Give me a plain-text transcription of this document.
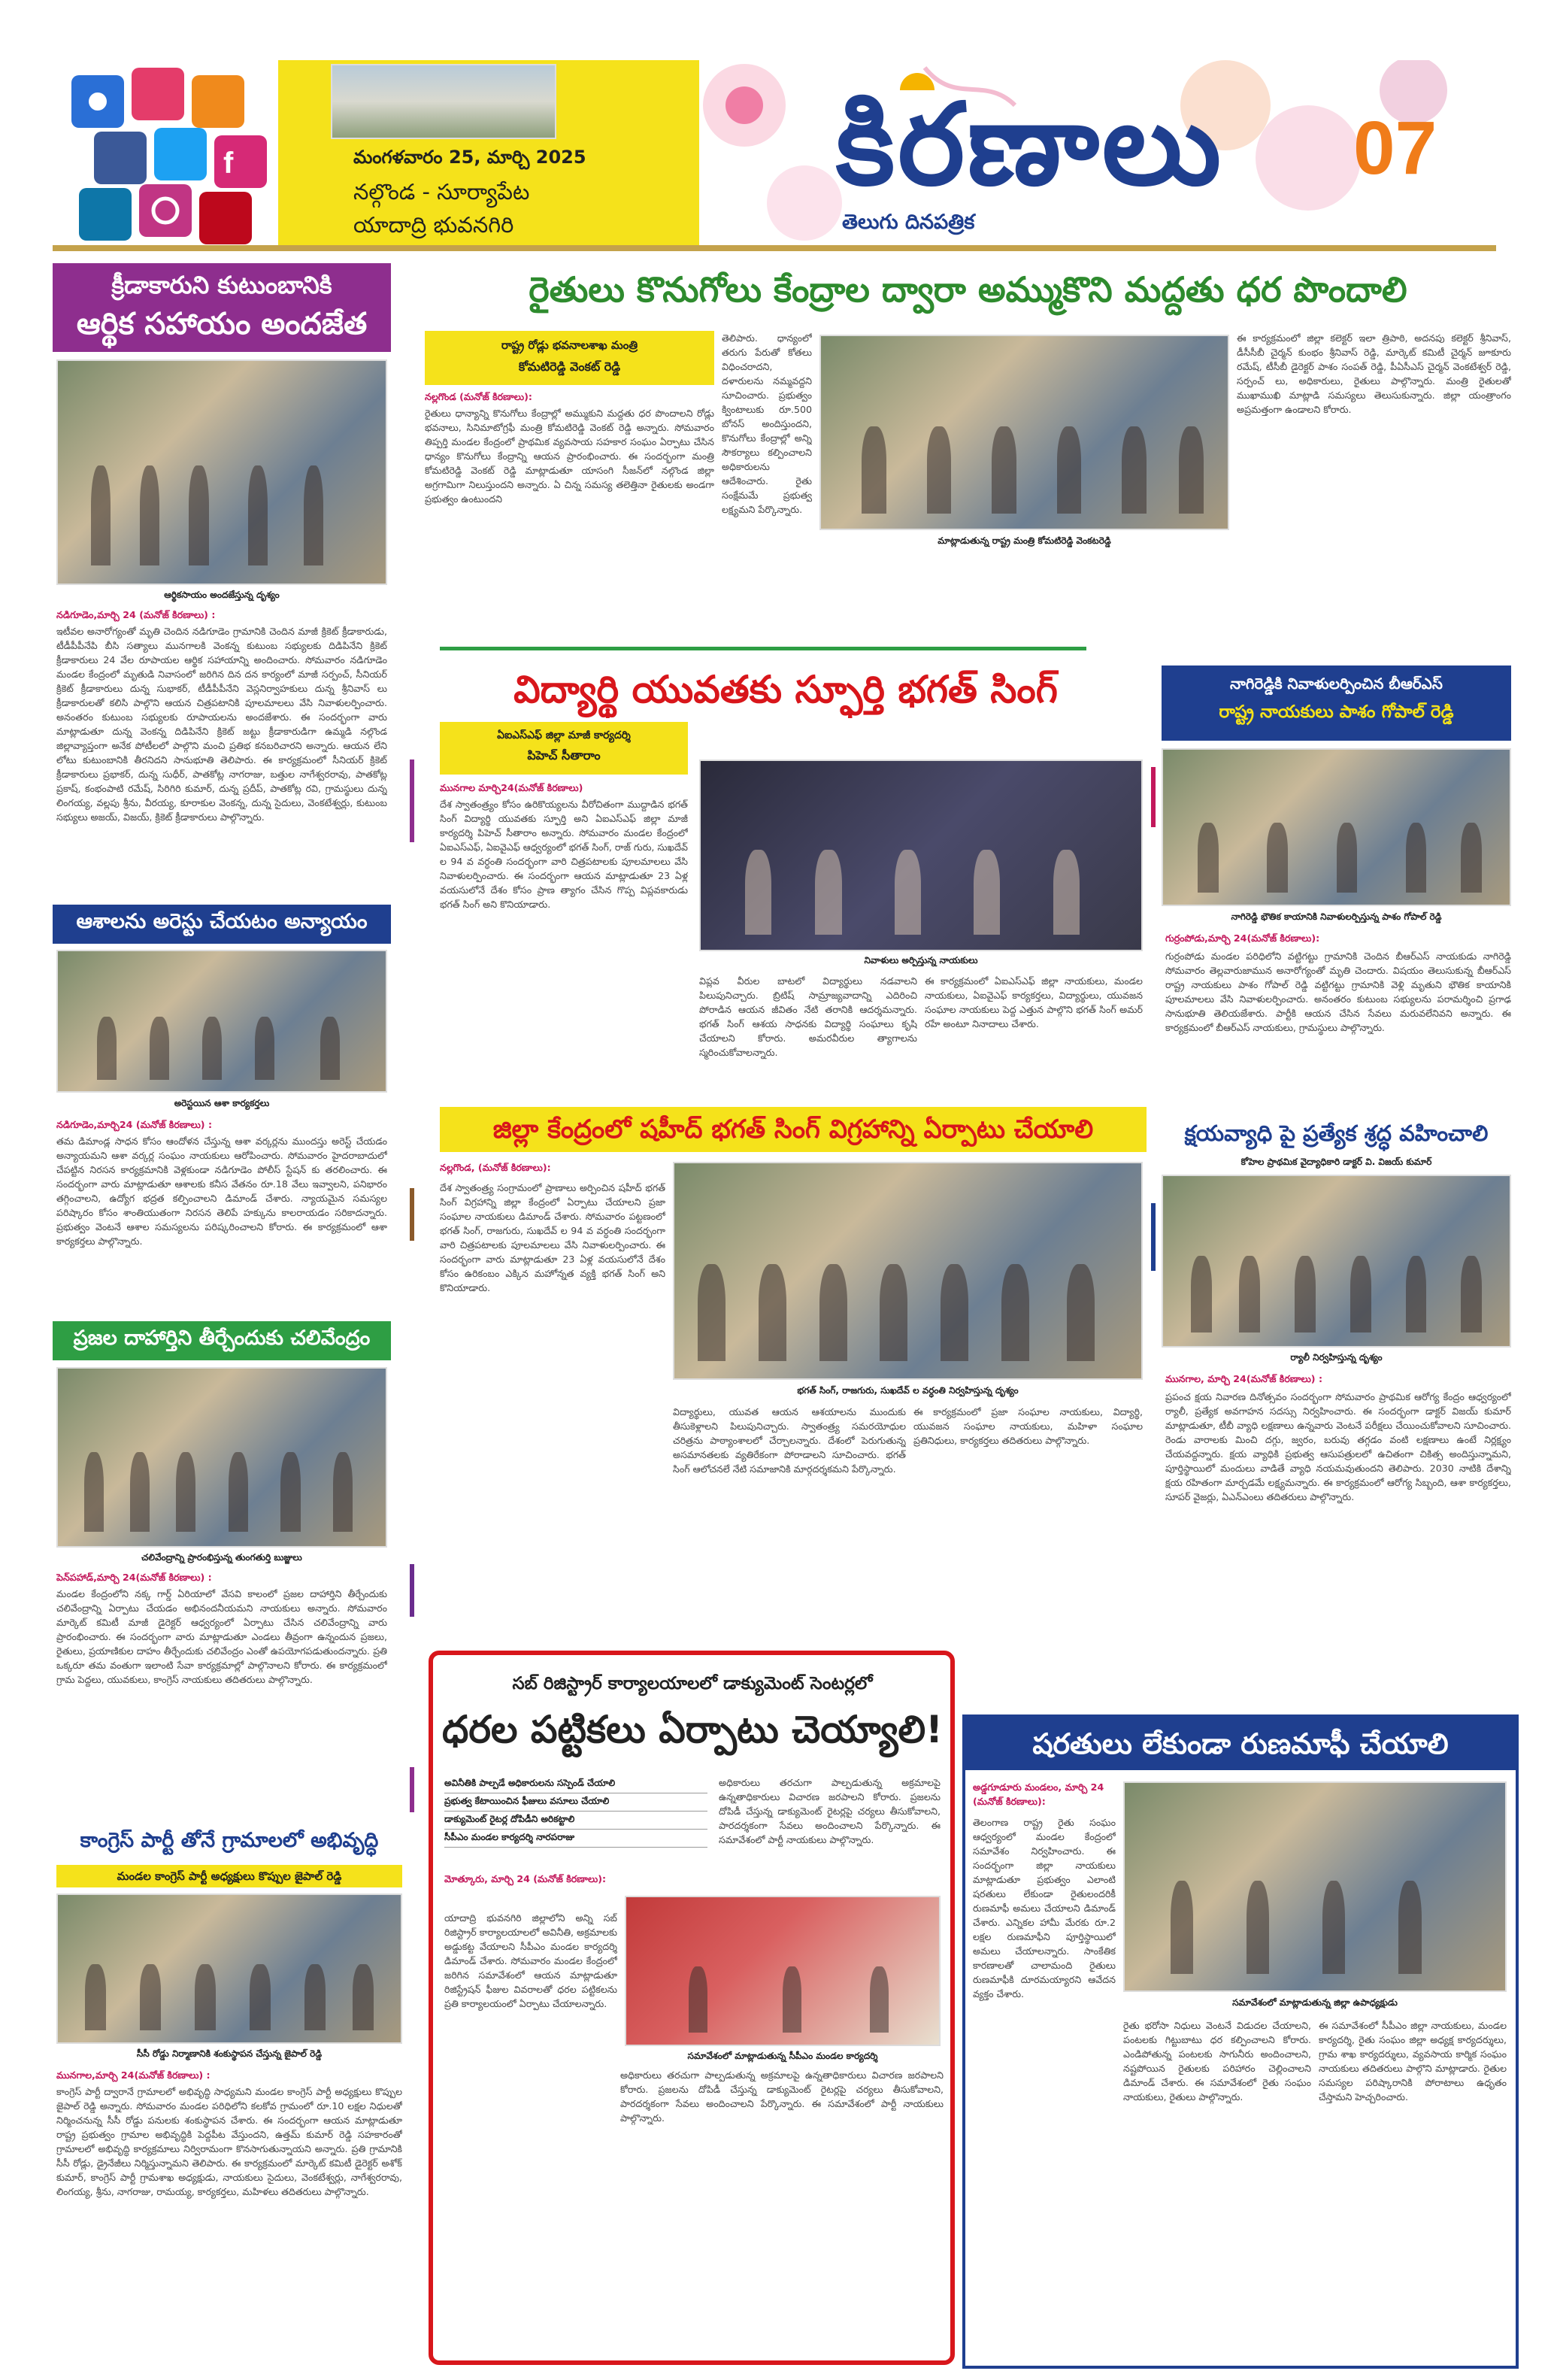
f	మంగళవారం 25, మార్చి 2025
నల్గొండ - సూర్యాపేట
యాదాద్రి భువనగిరి
కిరణాలు
తెలుగు దినపత్రిక
07
క్రీడాకారుని కుటుంబానికి
ఆర్థిక సహాయం అందజేత
ఆర్థికసాయం అందజేస్తున్న దృశ్యం
నడిగూడెం,మార్చి 24 (మనోజ్ కిరణాలు) :
ఇటీవల అనారోగ్యంతో మృతి చెందిన నడిగూడెం గ్రామానికి చెందిన మాజీ క్రికెట్ క్రీడాకారుడు, టీడీపీపీనేపి బీసి సత్యాలు మునగాలకి వెంకన్న కుటుంబ సభ్యులకు దిడిపినేని క్రికెట్ క్రీడాకారులు 24 వేల రూపాయల ఆర్థిక సహాయాన్ని అందించారు. సోమవారం నడిగూడెం మండల కేంద్రంలో మృతుడి నివాసంలో జరిగిన దిన దన కార్యంలో మాజీ సర్పంచ్, సీనియర్ క్రికెట్ క్రీడాకారులు దున్న సుభాకర్, టీడీపీపీనేని వెస్లనిర్వాహకులు దున్న శ్రీనివాస్ లు క్రీడాకారులతో కలిసి పాల్గొని ఆయన చిత్రపటానికి పూలమాలలు వేసి నివాళులర్పించారు. అనంతరం కుటుంబ సభ్యులకు రూపాయలను అందజేశారు. ఈ సందర్భంగా వారు మాట్లాడుతూ దున్న వెంకన్న దిడిపినేని క్రికెట్ జట్టు క్రీడాకారుడిగా ఉమ్మడి నల్గొండ జిల్లావ్యాప్తంగా అనేక పోటీలలో పాల్గొని మంచి ప్రతిభ కనబరిచారని అన్నారు. ఆయన లేని లోటు కుటుంబానికి తీరనిదని సానుభూతి తెలిపారు. ఈ కార్యక్రమంలో సీనియర్ క్రికెట్ క్రీడాకారులు ప్రభాకర్, దున్న సుధీర్, పాతకోట్ల నాగరాజు, బత్తుల నాగేశ్వరరావు, పాతకోట్ల ప్రకాష్, కంభంపాటి రమేష్, సిరిగిరి కుమార్, దున్న ప్రదీప్, పాతకోట్ల రవి, గ్రామస్థులు దున్న లింగయ్య, వల్లపు శ్రీను, వీరయ్య, కూరాకుల వెంకన్న, దున్న సైదులు, వెంకటేశ్వర్లు, కుటుంబ సభ్యులు అజయ్, విజయ్, క్రికెట్ క్రీడాకారులు పాల్గొన్నారు.
ఆశాలను అరెస్టు చేయటం అన్యాయం
అరెస్టయిన ఆశా కార్యకర్తలు
నడిగూడెం,మార్చి24 (మనోజ్ కిరణాలు) :
తమ డిమాండ్ల సాధన కోసం ఆందోళన చేస్తున్న ఆశా వర్కర్లను ముందస్తు అరెస్ట్ చేయడం అన్యాయమని ఆశా వర్కర్ల సంఘం నాయకులు ఆరోపించారు. సోమవారం హైదరాబాదులో చేపట్టిన నిరసన కార్యక్రమానికి వెళ్లకుండా నడిగూడెం పోలీస్ స్టేషన్ కు తరలించారు. ఈ సందర్భంగా వారు మాట్లాడుతూ ఆశాలకు కనీస వేతనం రూ.18 వేలు ఇవ్వాలని, పనిభారం తగ్గించాలని, ఉద్యోగ భద్రత కల్పించాలని డిమాండ్ చేశారు. న్యాయమైన సమస్యల పరిష్కారం కోసం శాంతియుతంగా నిరసన తెలిపే హక్కును కాలరాయడం సరికాదన్నారు. ప్రభుత్వం వెంటనే ఆశాల సమస్యలను పరిష్కరించాలని కోరారు. ఈ కార్యక్రమంలో ఆశా కార్యకర్తలు పాల్గొన్నారు.
ప్రజల దాహార్తిని తీర్చేందుకు చలివేంద్రం
చలివేంద్రాన్ని ప్రారంభిస్తున్న తుంగతుర్తి బుజ్జులు
పెన్‌పహాడ్,మార్చి 24(మనోజ్ కిరణాలు) :
మండల కేంద్రంలోని నక్క గార్డ్ ఏరియాలో వేసవి కాలంలో ప్రజల దాహార్తిని తీర్చేందుకు చలివేంద్రాన్ని ఏర్పాటు చేయడం అభినందనీయమని నాయకులు అన్నారు. సోమవారం మార్కెట్ కమిటీ మాజీ డైరెక్టర్ ఆధ్వర్యంలో ఏర్పాటు చేసిన చలివేంద్రాన్ని వారు ప్రారంభించారు. ఈ సందర్భంగా వారు మాట్లాడుతూ ఎండలు తీవ్రంగా ఉన్నందున ప్రజలు, రైతులు, ప్రయాణికుల దాహం తీర్చేందుకు చలివేంద్రం ఎంతో ఉపయోగపడుతుందన్నారు. ప్రతి ఒక్కరూ తమ వంతుగా ఇలాంటి సేవా కార్యక్రమాల్లో పాల్గొనాలని కోరారు. ఈ కార్యక్రమంలో గ్రామ పెద్దలు, యువకులు, కాంగ్రెస్ నాయకులు తదితరులు పాల్గొన్నారు.
కాంగ్రెస్ పార్టీ తోనే గ్రామాలలో అభివృద్ధి
మండల కాంగ్రెస్ పార్టీ అధ్యక్షులు కొప్పుల జైపాల్ రెడ్డి
సీసీ రోడ్డు నిర్మాణానికి శంకుస్థాపన చేస్తున్న జైపాల్ రెడ్డి
మునగాల,మార్చి 24(మనోజ్ కిరణాలు) :
కాంగ్రెస్ పార్టీ ద్వారానే గ్రామాలలో అభివృద్ధి సాధ్యమని మండల కాంగ్రెస్ పార్టీ అధ్యక్షులు కొప్పుల జైపాల్ రెడ్డి అన్నారు. సోమవారం మండల పరిధిలోని కలకోవ గ్రామంలో రూ.10 లక్షల నిధులతో నిర్మించనున్న సీసీ రోడ్డు పనులకు శంకుస్థాపన చేశారు. ఈ సందర్భంగా ఆయన మాట్లాడుతూ రాష్ట్ర ప్రభుత్వం గ్రామాల అభివృద్ధికి పెద్దపీట వేస్తుందని, ఉత్తమ్ కుమార్ రెడ్డి సహకారంతో గ్రామాలలో అభివృద్ధి కార్యక్రమాలు నిర్విరామంగా కొనసాగుతున్నాయని అన్నారు. ప్రతి గ్రామానికి సీసీ రోడ్లు, డ్రైనేజీలు నిర్మిస్తున్నామని తెలిపారు. ఈ కార్యక్రమంలో మార్కెట్ కమిటీ డైరెక్టర్ అశోక్ కుమార్, కాంగ్రెస్ పార్టీ గ్రామశాఖ అధ్యక్షుడు, నాయకులు సైదులు, వెంకటేశ్వర్లు, నాగేశ్వరరావు, లింగయ్య, శ్రీను, నాగరాజు, రామయ్య, కార్యకర్తలు, మహిళలు తదితరులు పాల్గొన్నారు.
రైతులు కొనుగోలు కేంద్రాల ద్వారా అమ్ముకొని మద్దతు ధర పొందాలి
రాష్ట్ర రోడ్లు భవనాలశాఖ మంత్రి
కోమటిరెడ్డి వెంకట్ రెడ్డి
నల్లగొండ (మనోజ్ కిరణాలు):
రైతులు ధాన్యాన్ని కొనుగోలు కేంద్రాల్లో అమ్ముకుని మద్దతు ధర పొందాలని రోడ్లు భవనాలు, సినిమాటోగ్రఫీ మంత్రి కోమటిరెడ్డి వెంకట్ రెడ్డి అన్నారు. సోమవారం తిప్పర్తి మండల కేంద్రంలో ప్రాథమిక వ్యవసాయ సహకార సంఘం ఏర్పాటు చేసిన ధాన్యం కొనుగోలు కేంద్రాన్ని ఆయన ప్రారంభించారు. ఈ సందర్భంగా మంత్రి కోమటిరెడ్డి వెంకట్ రెడ్డి మాట్లాడుతూ యాసంగి సీజన్‌లో నల్గొండ జిల్లా అగ్రగామిగా నిలుస్తుందని అన్నారు. ఏ చిన్న సమస్య తలెత్తినా రైతులకు అండగా ప్రభుత్వం ఉంటుందని
తెలిపారు. ధాన్యంలో తరుగు పేరుతో కోతలు విధించరాదని, దళారులను నమ్మవద్దని సూచించారు. ప్రభుత్వం క్వింటాలుకు రూ.500 బోనస్ అందిస్తుందని, కొనుగోలు కేంద్రాల్లో అన్ని సౌకర్యాలు కల్పించాలని అధికారులను ఆదేశించారు. రైతు సంక్షేమమే ప్రభుత్వ లక్ష్యమని పేర్కొన్నారు.
మాట్లాడుతున్న రాష్ట్ర మంత్రి కోమటిరెడ్డి వెంకటరెడ్డి
ఈ కార్యక్రమంలో జిల్లా కలెక్టర్ ఇలా త్రిపాఠి, అదనపు కలెక్టర్ శ్రీనివాస్, డీసీసీబీ చైర్మన్ కుంభం శ్రీనివాస్ రెడ్డి, మార్కెట్ కమిటీ చైర్మన్ జూకూరు రమేష్, టీసీబీ డైరెక్టర్ పాశం సంపత్ రెడ్డి, పీఏసీఎస్ చైర్మన్ వెంకటేశ్వర్ రెడ్డి, సర్పంచ్ లు, అధికారులు, రైతులు పాల్గొన్నారు. మంత్రి రైతులతో ముఖాముఖి మాట్లాడి సమస్యలు తెలుసుకున్నారు. జిల్లా యంత్రాంగం అప్రమత్తంగా ఉండాలని కోరారు.
విద్యార్థి యువతకు స్ఫూర్తి భగత్ సింగ్
ఏఐఎస్ఎఫ్ జిల్లా మాజీ కార్యదర్శి
పిహెచ్ సీతారాం
మునగాల మార్చి24(మనోజ్ కిరణాలు)
దేశ స్వాతంత్ర్యం కోసం ఉరికొయ్యలను వీరోచితంగా ముద్దాడిన భగత్ సింగ్ విద్యార్థి యువతకు స్ఫూర్తి అని ఏఐఎస్ఎఫ్ జిల్లా మాజీ కార్యదర్శి పిహెచ్ సీతారాం అన్నారు. సోమవారం మండల కేంద్రంలో ఏఐఎస్ఎఫ్, ఏఐవైఎఫ్ ఆధ్వర్యంలో భగత్ సింగ్, రాజ్ గురు, సుఖదేవ్ ల 94 వ వర్ధంతి సందర్భంగా వారి చిత్రపటాలకు పూలమాలలు వేసి నివాళులర్పించారు. ఈ సందర్భంగా ఆయన మాట్లాడుతూ 23 ఏళ్ల వయసులోనే దేశం కోసం ప్రాణ త్యాగం చేసిన గొప్ప విప్లవకారుడు భగత్ సింగ్ అని కొనియాడారు.
నివాళులు అర్పిస్తున్న నాయకులు
విప్లవ వీరుల బాటలో విద్యార్థులు నడవాలని పిలుపునిచ్చారు. బ్రిటిష్ సామ్రాజ్యవాదాన్ని ఎదిరించి పోరాడిన ఆయన జీవితం నేటి తరానికి ఆదర్శమన్నారు. భగత్ సింగ్ ఆశయ సాధనకు విద్యార్థి సంఘాలు కృషి చేయాలని కోరారు. అమరవీరుల త్యాగాలను స్మరించుకోవాలన్నారు.
ఈ కార్యక్రమంలో ఏఐఎస్ఎఫ్ జిల్లా నాయకులు, మండల నాయకులు, ఏఐవైఎఫ్ కార్యకర్తలు, విద్యార్థులు, యువజన సంఘాల నాయకులు పెద్ద ఎత్తున పాల్గొని భగత్ సింగ్ అమర్ రహే అంటూ నినాదాలు చేశారు.
జిల్లా కేంద్రంలో షహీద్ భగత్ సింగ్ విగ్రహాన్ని ఏర్పాటు చేయాలి
నల్లగొండ, (మనోజ్ కిరణాలు):
దేశ స్వాతంత్ర్య సంగ్రామంలో ప్రాణాలు అర్పించిన షహీద్ భగత్ సింగ్ విగ్రహాన్ని జిల్లా కేంద్రంలో ఏర్పాటు చేయాలని ప్రజా సంఘాల నాయకులు డిమాండ్ చేశారు. సోమవారం పట్టణంలో భగత్ సింగ్, రాజగురు, సుఖదేవ్ ల 94 వ వర్ధంతి సందర్భంగా వారి చిత్రపటాలకు పూలమాలలు వేసి నివాళులర్పించారు. ఈ సందర్భంగా వారు మాట్లాడుతూ 23 ఏళ్ల వయసులోనే దేశం కోసం ఉరికంబం ఎక్కిన మహోన్నత వ్యక్తి భగత్ సింగ్ అని కొనియాడారు.
భగత్ సింగ్, రాజగురు, సుఖదేవ్ ల వర్ధంతి నిర్వహిస్తున్న దృశ్యం
విద్యార్థులు, యువత ఆయన ఆశయాలను ముందుకు తీసుకెళ్లాలని పిలుపునిచ్చారు. స్వాతంత్ర్య సమరయోధుల చరిత్రను పాఠ్యాంశాలలో చేర్చాలన్నారు. దేశంలో పెరుగుతున్న అసమానతలకు వ్యతిరేకంగా పోరాడాలని సూచించారు. భగత్ సింగ్ ఆలోచనలే నేటి సమాజానికి మార్గదర్శకమని పేర్కొన్నారు.
ఈ కార్యక్రమంలో ప్రజా సంఘాల నాయకులు, విద్యార్థి, యువజన సంఘాల నాయకులు, మహిళా సంఘాల ప్రతినిధులు, కార్యకర్తలు తదితరులు పాల్గొన్నారు.
సబ్ రిజిస్ట్రార్ కార్యాలయాలలో డాక్యుమెంట్ సెంటర్లలో
ధరల పట్టికలు ఏర్పాటు చెయ్యాలి!
అవినీతికి పాల్పడే అధికారులను సస్పెండ్ చేయాలి
ప్రభుత్వ కేటాయించిన ఫీజులు వసూలు చేయాలి
డాక్యుమెంట్ రైటర్ల దోపిడీని అరికట్టాలి
సీపీఎం మండల కార్యదర్శి నారపరాజు
మోత్కూరు, మార్చి 24 (మనోజ్ కిరణాలు):
యాదాద్రి భువనగిరి జిల్లాలోని అన్ని సబ్ రిజిస్ట్రార్ కార్యాలయాలలో అవినీతి, అక్రమాలకు అడ్డుకట్ట వేయాలని సీపీఎం మండల కార్యదర్శి డిమాండ్ చేశారు. సోమవారం మండల కేంద్రంలో జరిగిన సమావేశంలో ఆయన మాట్లాడుతూ రిజిస్ట్రేషన్ ఫీజుల వివరాలతో ధరల పట్టికలను ప్రతి కార్యాలయంలో ఏర్పాటు చేయాలన్నారు.
సమావేశంలో మాట్లాడుతున్న సీపీఎం మండల కార్యదర్శి
అధికారులు తరచుగా పాల్పడుతున్న అక్రమాలపై ఉన్నతాధికారులు విచారణ జరపాలని కోరారు. ప్రజలను దోపిడీ చేస్తున్న డాక్యుమెంట్ రైటర్లపై చర్యలు తీసుకోవాలని, పారదర్శకంగా సేవలు అందించాలని పేర్కొన్నారు. ఈ సమావేశంలో పార్టీ నాయకులు పాల్గొన్నారు.
అధికారులు తరచుగా పాల్పడుతున్న అక్రమాలపై ఉన్నతాధికారులు విచారణ జరపాలని కోరారు. ప్రజలను దోపిడీ చేస్తున్న డాక్యుమెంట్ రైటర్లపై చర్యలు తీసుకోవాలని, పారదర్శకంగా సేవలు అందించాలని పేర్కొన్నారు. ఈ సమావేశంలో పార్టీ నాయకులు పాల్గొన్నారు.
నాగిరెడ్డికి నివాళులర్పించిన బీఆర్ఎస్
రాష్ట్ర నాయకులు పాశం గోపాల్ రెడ్డి
నాగిరెడ్డి భౌతిక కాయానికి నివాళులర్పిస్తున్న పాశం గోపాల్ రెడ్డి
గుర్రంపోడు,మార్చి 24(మనోజ్ కిరణాలు):
గుర్రంపోడు మండల పరిధిలోని వట్టిగట్టు గ్రామానికి చెందిన బీఆర్ఎస్ నాయకుడు నాగిరెడ్డి సోమవారం తెల్లవారుజామున అనారోగ్యంతో మృతి చెందారు. విషయం తెలుసుకున్న బీఆర్ఎస్ రాష్ట్ర నాయకులు పాశం గోపాల్ రెడ్డి వట్టిగట్టు గ్రామానికి వెళ్లి మృతుని భౌతిక కాయానికి పూలమాలలు వేసి నివాళులర్పించారు. అనంతరం కుటుంబ సభ్యులను పరామర్శించి ప్రగాఢ సానుభూతి తెలియజేశారు. పార్టీకి ఆయన చేసిన సేవలు మరువలేనివని అన్నారు. ఈ కార్యక్రమంలో బీఆర్ఎస్ నాయకులు, గ్రామస్థులు పాల్గొన్నారు.
క్షయవ్యాధి పై ప్రత్యేక శ్రద్ధ వహించాలి
కోహెల ప్రాథమిక వైద్యాధికారి డాక్టర్ వి. విజయ్ కుమార్
ర్యాలీ నిర్వహిస్తున్న దృశ్యం
మునగాల, మార్చి 24(మనోజ్ కిరణాలు) :
ప్రపంచ క్షయ నివారణ దినోత్సవం సందర్భంగా సోమవారం ప్రాథమిక ఆరోగ్య కేంద్రం ఆధ్వర్యంలో ర్యాలీ, ప్రత్యేక అవగాహన సదస్సు నిర్వహించారు. ఈ సందర్భంగా డాక్టర్ విజయ్ కుమార్ మాట్లాడుతూ, టీబీ వ్యాధి లక్షణాలు ఉన్నవారు వెంటనే పరీక్షలు చేయించుకోవాలని సూచించారు. రెండు వారాలకు మించి దగ్గు, జ్వరం, బరువు తగ్గడం వంటి లక్షణాలు ఉంటే నిర్లక్ష్యం చేయవద్దన్నారు. క్షయ వ్యాధికి ప్రభుత్వ ఆసుపత్రులలో ఉచితంగా చికిత్స అందిస్తున్నామని, పూర్తిస్థాయిలో మందులు వాడితే వ్యాధి నయమవుతుందని తెలిపారు. 2030 నాటికి దేశాన్ని క్షయ రహితంగా మార్చడమే లక్ష్యమన్నారు. ఈ కార్యక్రమంలో ఆరోగ్య సిబ్బంది, ఆశా కార్యకర్తలు, సూపర్ వైజర్లు, ఏఎన్ఎంలు తదితరులు పాల్గొన్నారు.
షరతులు లేకుండా రుణమాఫీ చేయాలి
అడ్డగూడూరు మండలం, మార్చి 24 (మనోజ్ కిరణాలు):
తెలంగాణ రాష్ట్ర రైతు సంఘం ఆధ్వర్యంలో మండల కేంద్రంలో సమావేశం నిర్వహించారు. ఈ సందర్భంగా జిల్లా నాయకులు మాట్లాడుతూ ప్రభుత్వం ఎలాంటి షరతులు లేకుండా రైతులందరికీ రుణమాఫీ అమలు చేయాలని డిమాండ్ చేశారు. ఎన్నికల హామీ మేరకు రూ.2 లక్షల రుణమాఫీని పూర్తిస్థాయిలో అమలు చేయాలన్నారు. సాంకేతిక కారణాలతో చాలామంది రైతులు రుణమాఫీకి దూరమయ్యారని ఆవేదన వ్యక్తం చేశారు.
సమావేశంలో మాట్లాడుతున్న జిల్లా ఉపాధ్యక్షుడు
రైతు భరోసా నిధులు వెంటనే విడుదల చేయాలని, పంటలకు గిట్టుబాటు ధర కల్పించాలని కోరారు. ఎండిపోతున్న పంటలకు సాగునీరు అందించాలని, నష్టపోయిన రైతులకు పరిహారం చెల్లించాలని డిమాండ్ చేశారు. ఈ సమావేశంలో రైతు సంఘం నాయకులు, రైతులు పాల్గొన్నారు.
ఈ సమావేశంలో సీపీఎం జిల్లా నాయకులు, మండల కార్యదర్శి, రైతు సంఘం జిల్లా అధ్యక్ష కార్యదర్శులు, గ్రామ శాఖ కార్యదర్శులు, వ్యవసాయ కార్మిక సంఘం నాయకులు తదితరులు పాల్గొని మాట్లాడారు. రైతుల సమస్యల పరిష్కారానికి పోరాటాలు ఉధృతం చేస్తామని హెచ్చరించారు.
